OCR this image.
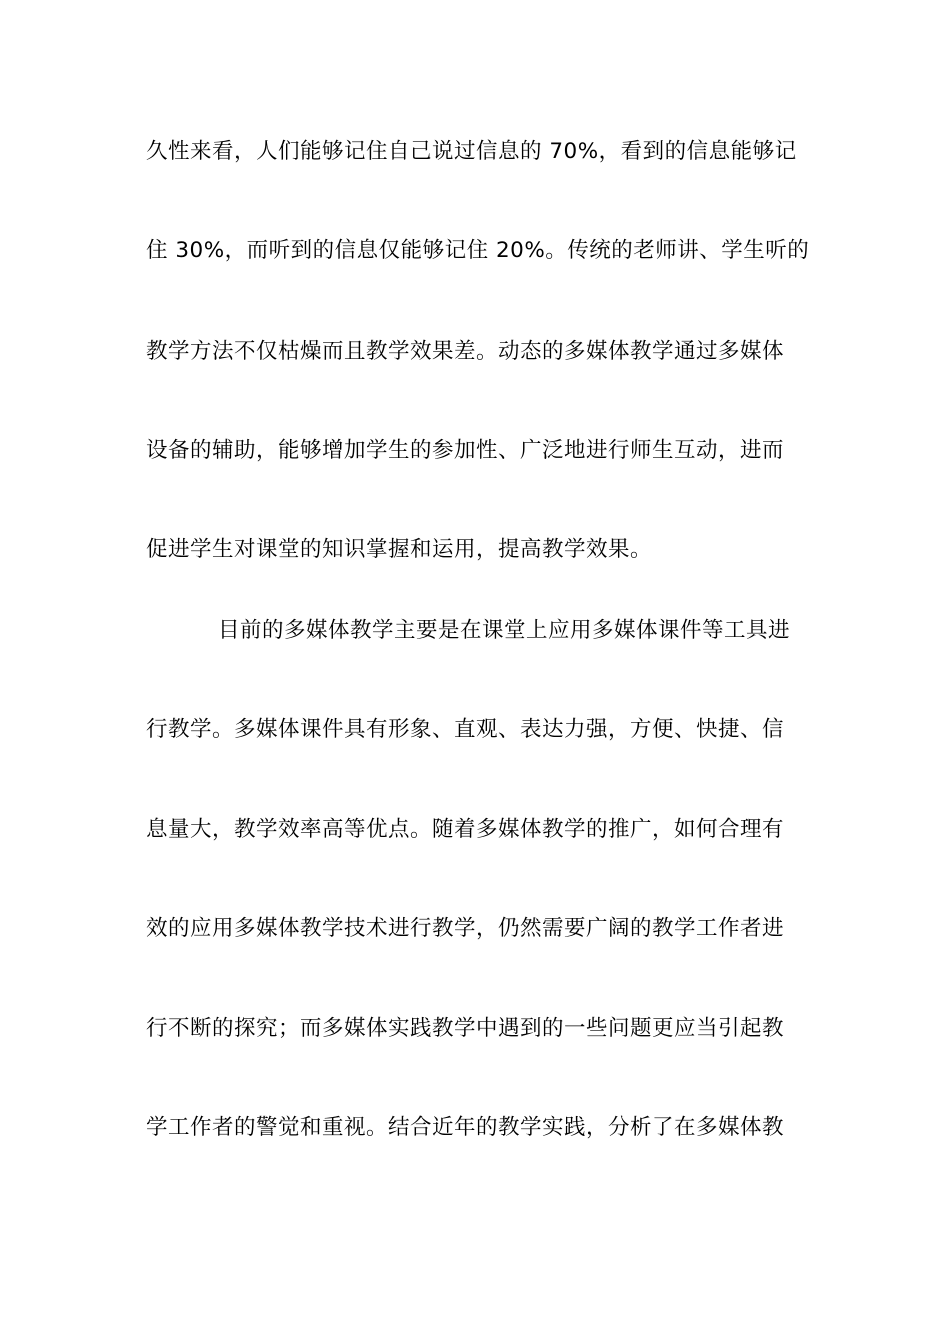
久性来看，人们能够记住自己说过信息的 70%，看到的信息能够记
住 30%，而听到的信息仅能够记住 20%。传统的老师讲、学生听的
教学方法不仅枯燥而且教学效果差。动态的多媒体教学通过多媒体
设备的辅助，能够增加学生的参加性、广泛地进行师生互动，进而
促进学生对课堂的知识掌握和运用，提高教学效果。
目前的多媒体教学主要是在课堂上应用多媒体课件等工具进
行教学。多媒体课件具有形象、直观、表达力强，方便、快捷、信
息量大，教学效率高等优点。随着多媒体教学的推广，如何合理有
效的应用多媒体教学技术进行教学，仍然需要广阔的教学工作者进
行不断的探究；而多媒体实践教学中遇到的一些问题更应当引起教
学工作者的警觉和重视。结合近年的教学实践，分析了在多媒体教
